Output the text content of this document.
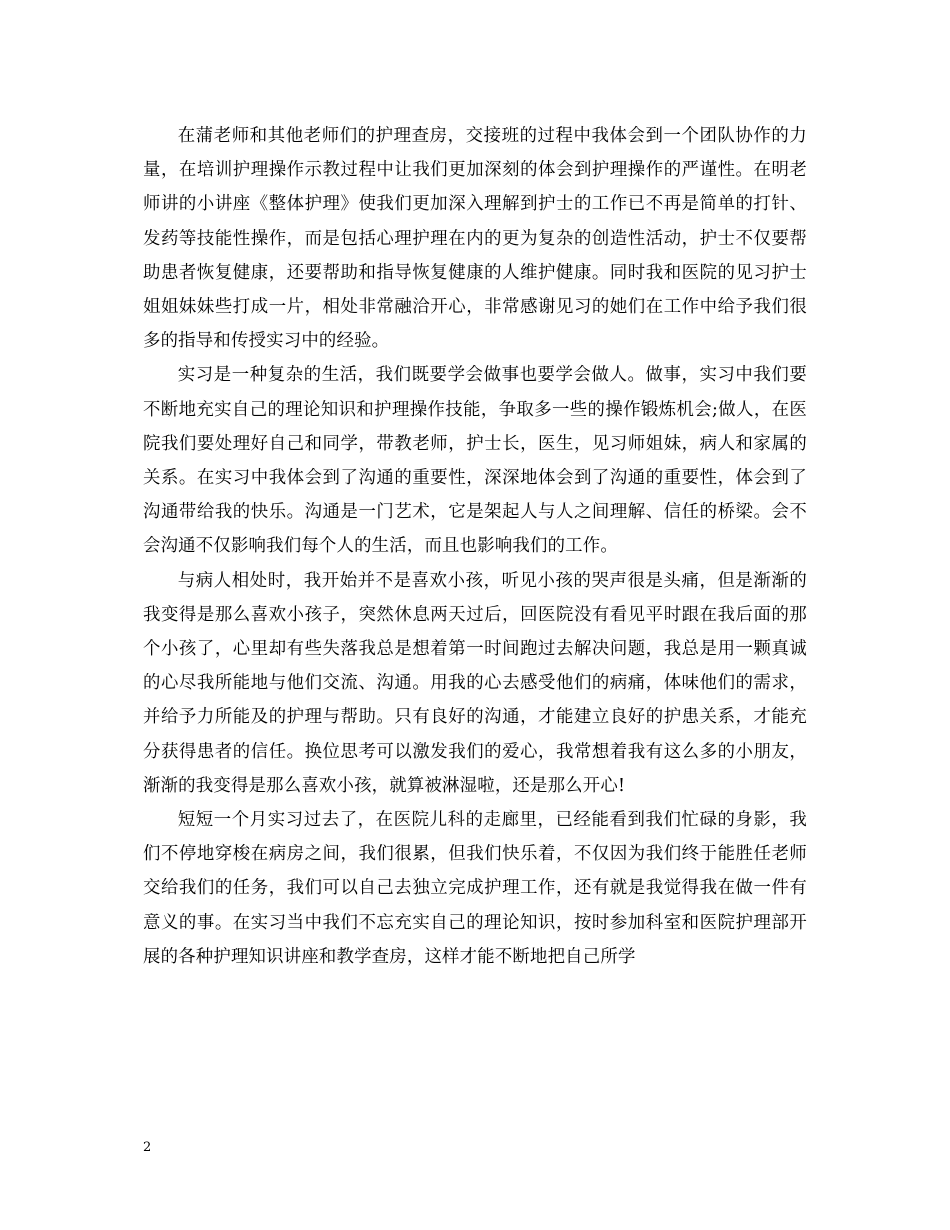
在蒲老师和其他老师们的护理查房，交接班的过程中我体会到一个团队协作的力量，在培训护理操作示教过程中让我们更加深刻的体会到护理操作的严谨性。在明老师讲的小讲座《整体护理》使我们更加深入理解到护士的工作已不再是简单的打针、发药等技能性操作，而是包括心理护理在内的更为复杂的创造性活动，护士不仅要帮助患者恢复健康，还要帮助和指导恢复健康的人维护健康。同时我和医院的见习护士姐姐妹妹些打成一片，相处非常融洽开心，非常感谢见习的她们在工作中给予我们很多的指导和传授实习中的经验。

实习是一种复杂的生活，我们既要学会做事也要学会做人。做事，实习中我们要不断地充实自己的理论知识和护理操作技能，争取多一些的操作锻炼机会;做人，在医院我们要处理好自己和同学，带教老师，护士长，医生，见习师姐妹，病人和家属的关系。在实习中我体会到了沟通的重要性，深深地体会到了沟通的重要性，体会到了沟通带给我的快乐。沟通是一门艺术，它是架起人与人之间理解、信任的桥梁。会不会沟通不仅影响我们每个人的生活，而且也影响我们的工作。

与病人相处时，我开始并不是喜欢小孩，听见小孩的哭声很是头痛，但是渐渐的我变得是那么喜欢小孩子，突然休息两天过后，回医院没有看见平时跟在我后面的那个小孩了，心里却有些失落我总是想着第一时间跑过去解决问题，我总是用一颗真诚的心尽我所能地与他们交流、沟通。用我的心去感受他们的病痛，体味他们的需求，并给予力所能及的护理与帮助。只有良好的沟通，才能建立良好的护患关系，才能充分获得患者的信任。换位思考可以激发我们的爱心，我常想着我有这么多的小朋友，渐渐的我变得是那么喜欢小孩，就算被淋湿啦，还是那么开心!

短短一个月实习过去了，在医院儿科的走廊里，已经能看到我们忙碌的身影，我们不停地穿梭在病房之间，我们很累，但我们快乐着，不仅因为我们终于能胜任老师交给我们的任务，我们可以自己去独立完成护理工作，还有就是我觉得我在做一件有意义的事。在实习当中我们不忘充实自己的理论知识，按时参加科室和医院护理部开展的各种护理知识讲座和教学查房，这样才能不断地把自己所学

2
